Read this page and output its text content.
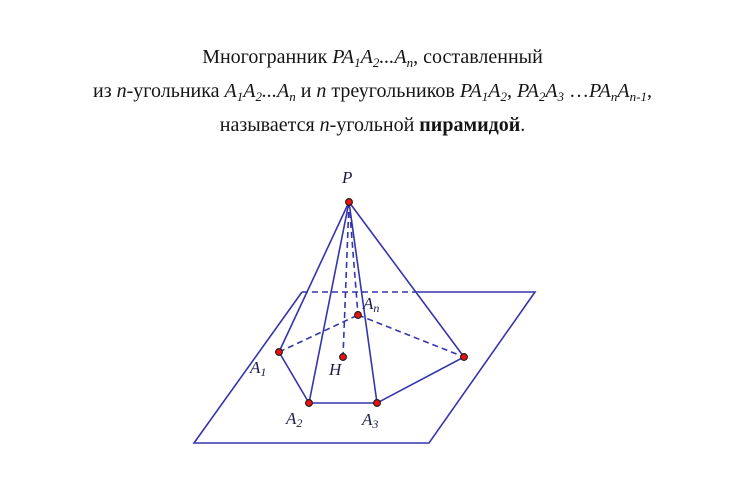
Многогранник $PA_1A_2...A_n$, составленный
из n-угольника $A_1A_2...A_n$ и n треугольников $PA_1A_2$, $PA_2A_3$ $\dots PA_nA_{n-1}$,
называется n-угольной пирамидой.
P
A1
A2	A3
An
H
